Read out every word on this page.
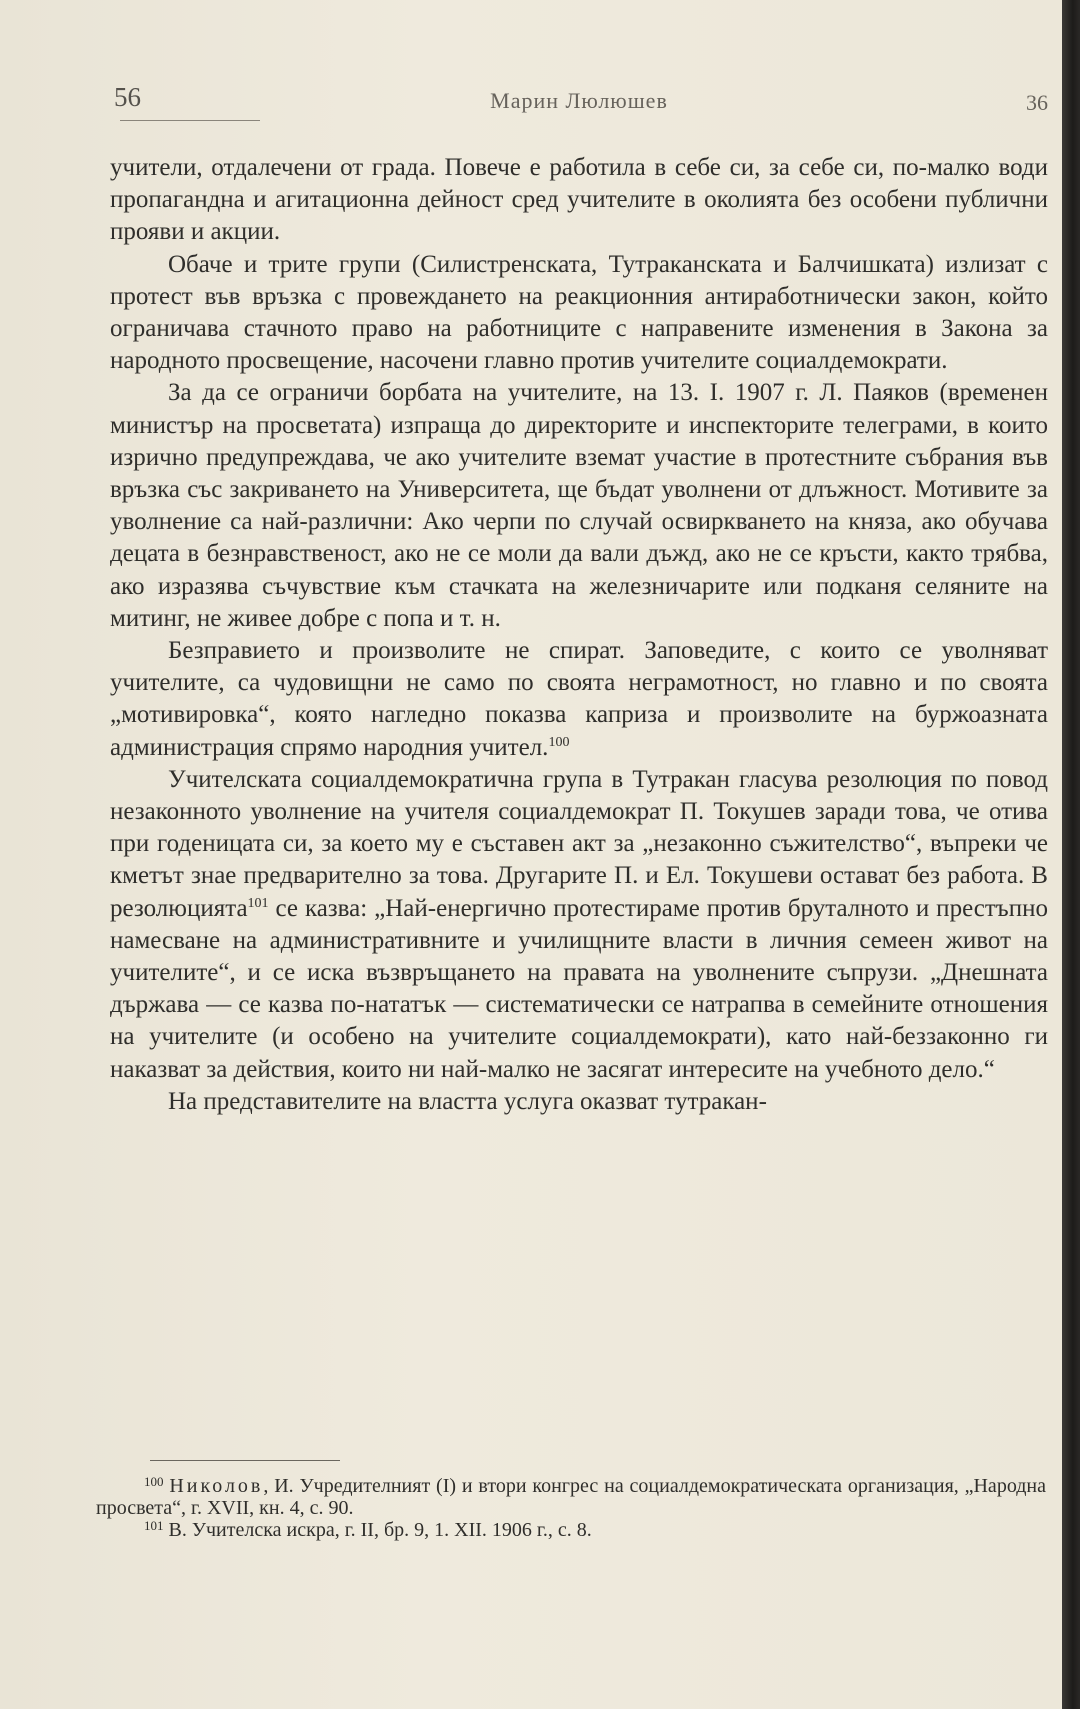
56	Марин Люлюшев	36

учители, отдалечени от града. Повече е работила в себе си, за себе си, по-малко води пропагандна и агитационна дейност сред учителите в околията без особени публични прояви и акции.

Обаче и трите групи (Силистренската, Тутраканската и Балчишката) излизат с протест във връзка с провеждането на реакционния антиработнически закон, който ограничава стачното право на работниците с направените изменения в Закона за народното просвещение, насочени главно против учителите социалдемократи.

За да се ограничи борбата на учителите, на 13. I. 1907 г. Л. Паяков (временен министър на просветата) изпраща до директорите и инспекторите телеграми, в които изрично предупреждава, че ако учителите вземат участие в протестните събрания във връзка със закриването на Университета, ще бъдат уволнени от длъжност. Мотивите за уволнение са най-различни: Ако черпи по случай освиркването на княза, ако обучава децата в безнравственост, ако не се моли да вали дъжд, ако не се кръсти, както трябва, ако изразява съчувствие към стачката на железничарите или подканя селяните на митинг, не живее добре с попа и т. н.

Безправието и произволите не спират. Заповедите, с които се уволняват учителите, са чудовищни не само по своята неграмотност, но главно и по своята „мотивировка“, която нагледно показва каприза и произволите на буржоазната администрация спрямо народния учител.$^{100}$

Учителската социалдемократична група в Тутракан гласува резолюция по повод незаконното уволнение на учителя социалдемократ П. Токушев заради това, че отива при годеницата си, за което му е съставен акт за „незаконно съжителство“, въпреки че кметът знае предварително за това. Другарите П. и Ел. Токушеви остават без работа. В резолюцията$^{101}$ се казва: „Най-енергично протестираме против бруталното и престъпно намесване на административните и училищните власти в личния семеен живот на учителите“, и се иска възвръщането на правата на уволнените съпрузи. „Днешната държава — се казва по-нататък — систематически се натрапва в семейните отношения на учителите (и особено на учителите социалдемократи), като най-беззаконно ги наказват за действия, които ни най-малко не засягат интересите на учебното дело.“

На представителите на властта услуга оказват тутракан-

$^{100}$ Николов, И. Учредителният (I) и втори конгрес на социалдемократическата организация, „Народна просвета“, г. XVII, кн. 4, с. 90.

$^{101}$ В. Учителска искра, г. II, бр. 9, 1. XII. 1906 г., с. 8.
